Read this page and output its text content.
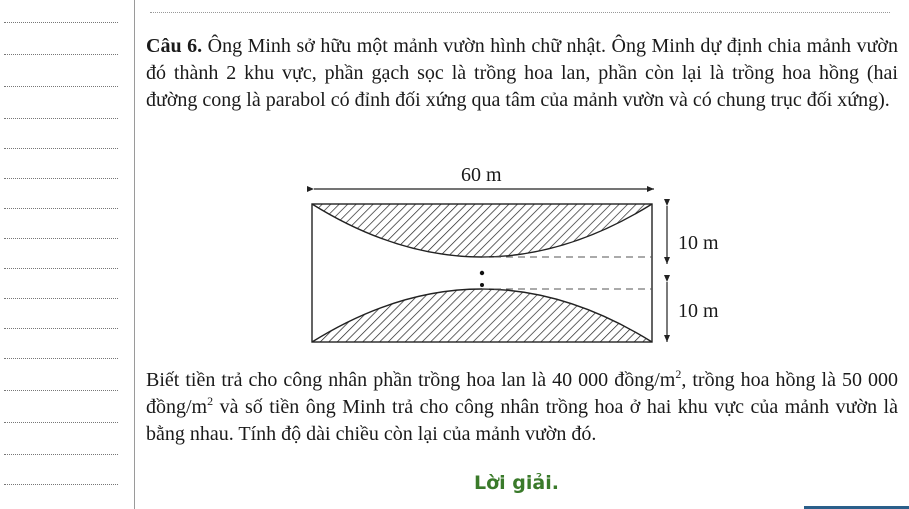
Câu 6. Ông Minh sở hữu một mảnh vườn hình chữ nhật. Ông Minh dự định chia mảnh vườn đó thành 2 khu vực, phần gạch sọc là trồng hoa lan, phần còn lại là trồng hoa hồng (hai đường cong là parabol có đỉnh đối xứng qua tâm của mảnh vườn và có chung trục đối xứng).
60 m
10 m
10 m
Biết tiền trả cho công nhân phần trồng hoa lan là 40 000 đồng/$m^2$, trồng hoa hồng là 50 000 đồng/$m^2$ và số tiền ông Minh trả cho công nhân trồng hoa ở hai khu vực của mảnh vườn là bằng nhau. Tính độ dài chiều còn lại của mảnh vườn đó.
Lời giải.
